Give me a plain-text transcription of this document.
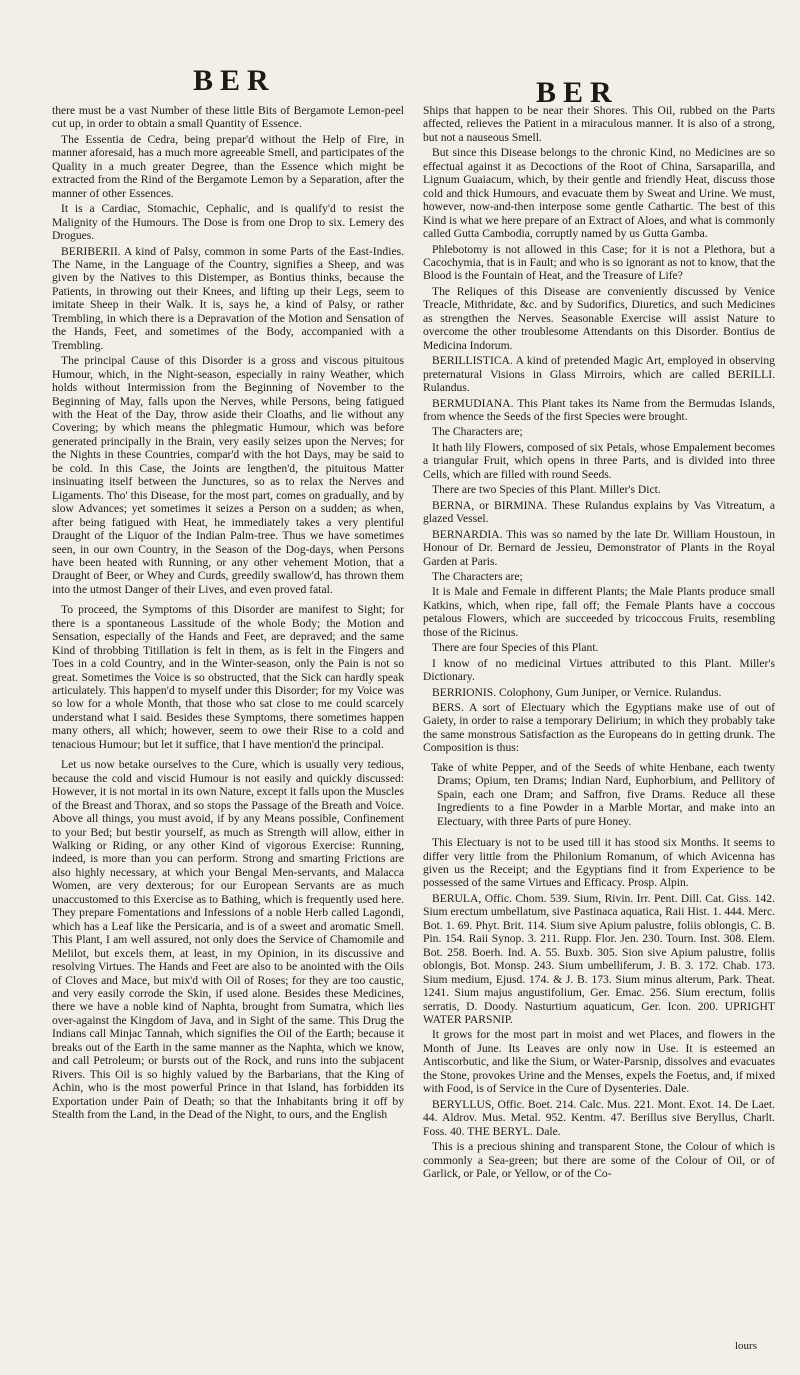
BER	BER

there must be a vast Number of these little Bits of Bergamote Lemon-peel cut up, in order to obtain a small Quantity of Essence.

The Essentia de Cedra, being prepar'd without the Help of Fire, in manner aforesaid, has a much more agreeable Smell, and participates of the Quality in a much greater Degree, than the Essence which might be extracted from the Rind of the Bergamote Lemon by a Separation, after the manner of other Essences.

It is a Cardiac, Stomachic, Cephalic, and is qualify'd to resist the Malignity of the Humours. The Dose is from one Drop to six. Lemery des Drogues.

BERIBERII. A kind of Palsy, common in some Parts of the East-Indies. The Name, in the Language of the Country, signifies a Sheep, and was given by the Natives to this Distemper, as Bontius thinks, because the Patients, in throwing out their Knees, and lifting up their Legs, seem to imitate Sheep in their Walk. It is, says he, a kind of Palsy, or rather Trembling, in which there is a Depravation of the Motion and Sensation of the Hands, Feet, and sometimes of the Body, accompanied with a Trembling.

The principal Cause of this Disorder is a gross and viscous pituitous Humour, which, in the Night-season, especially in rainy Weather, which holds without Intermission from the Beginning of November to the Beginning of May, falls upon the Nerves, while Persons, being fatigued with the Heat of the Day, throw aside their Cloaths, and lie without any Covering; by which means the phlegmatic Humour, which was before generated principally in the Brain, very easily seizes upon the Nerves; for the Nights in these Countries, compar'd with the hot Days, may be said to be cold. In this Case, the Joints are lengthen'd, the pituitous Matter insinuating itself between the Junctures, so as to relax the Nerves and Ligaments. Tho' this Disease, for the most part, comes on gradually, and by slow Advances; yet sometimes it seizes a Person on a sudden; as when, after being fatigued with Heat, he immediately takes a very plentiful Draught of the Liquor of the Indian Palm-tree. Thus we have sometimes seen, in our own Country, in the Season of the Dog-days, when Persons have been heated with Running, or any other vehement Motion, that a Draught of Beer, or Whey and Curds, greedily swallow'd, has thrown them into the utmost Danger of their Lives, and even proved fatal.

To proceed, the Symptoms of this Disorder are manifest to Sight; for there is a spontaneous Lassitude of the whole Body; the Motion and Sensation, especially of the Hands and Feet, are depraved; and the same Kind of throbbing Titillation is felt in them, as is felt in the Fingers and Toes in a cold Country, and in the Winter-season, only the Pain is not so great. Sometimes the Voice is so obstructed, that the Sick can hardly speak articulately. This happen'd to myself under this Disorder; for my Voice was so low for a whole Month, that those who sat close to me could scarcely understand what I said. Besides these Symptoms, there sometimes happen many others, all which; however, seem to owe their Rise to a cold and tenacious Humour; but let it suffice, that I have mention'd the principal.

Let us now betake ourselves to the Cure, which is usually very tedious, because the cold and viscid Humour is not easily and quickly discussed: However, it is not mortal in its own Nature, except it falls upon the Muscles of the Breast and Thorax, and so stops the Passage of the Breath and Voice. Above all things, you must avoid, if by any Means possible, Confinement to your Bed; but bestir yourself, as much as Strength will allow, either in Walking or Riding, or any other Kind of vigorous Exercise: Running, indeed, is more than you can perform. Strong and smarting Frictions are also highly necessary, at which your Bengal Men-servants, and Malacca Women, are very dexterous; for our European Servants are as much unaccustomed to this Exercise as to Bathing, which is frequently used here. They prepare Fomentations and Infessions of a noble Herb called Lagondi, which has a Leaf like the Persicaria, and is of a sweet and aromatic Smell. This Plant, I am well assured, not only does the Service of Chamomile and Melilot, but excels them, at least, in my Opinion, in its discussive and resolving Virtues. The Hands and Feet are also to be anointed with the Oils of Cloves and Mace, but mix'd with Oil of Roses; for they are too caustic, and very easily corrode the Skin, if used alone. Besides these Medicines, there we have a noble kind of Naphta, brought from Sumatra, which lies over-against the Kingdom of Java, and in Sight of the same. This Drug the Indians call Minjac Tannah, which signifies the Oil of the Earth; because it breaks out of the Earth in the same manner as the Naphta, which we know, and call Petroleum; or bursts out of the Rock, and runs into the subjacent Rivers. This Oil is so highly valued by the Barbarians, that the King of Achin, who is the most powerful Prince in that Island, has forbidden its Exportation under Pain of Death; so that the Inhabitants bring it off by Stealth from the Land, in the Dead of the Night, to ours, and the English

Ships that happen to be near their Shores. This Oil, rubbed on the Parts affected, relieves the Patient in a miraculous manner. It is also of a strong, but not a nauseous Smell.

But since this Disease belongs to the chronic Kind, no Medicines are so effectual against it as Decoctions of the Root of China, Sarsaparilla, and Lignum Guaiacum, which, by their gentle and friendly Heat, discuss those cold and thick Humours, and evacuate them by Sweat and Urine. We must, however, now-and-then interpose some gentle Cathartic. The best of this Kind is what we here prepare of an Extract of Aloes, and what is commonly called Gutta Cambodia, corruptly named by us Gutta Gamba.

Phlebotomy is not allowed in this Case; for it is not a Plethora, but a Cacochymia, that is in Fault; and who is so ignorant as not to know, that the Blood is the Fountain of Heat, and the Treasure of Life?

The Reliques of this Disease are conveniently discussed by Venice Treacle, Mithridate, &c. and by Sudorifics, Diuretics, and such Medicines as strengthen the Nerves. Seasonable Exercise will assist Nature to overcome the other troublesome Attendants on this Disorder. Bontius de Medicina Indorum.

BERILLISTICA. A kind of pretended Magic Art, employed in observing preternatural Visions in Glass Mirroirs, which are called BERILLI. Rulandus.

BERMUDIANA. This Plant takes its Name from the Bermudas Islands, from whence the Seeds of the first Species were brought.

The Characters are;

It hath lily Flowers, composed of six Petals, whose Empalement becomes a triangular Fruit, which opens in three Parts, and is divided into three Cells, which are filled with round Seeds.

There are two Species of this Plant. Miller's Dict.

BERNA, or BIRMINA. These Rulandus explains by Vas Vitreatum, a glazed Vessel.

BERNARDIA. This was so named by the late Dr. William Houstoun, in Honour of Dr. Bernard de Jessieu, Demonstrator of Plants in the Royal Garden at Paris.

The Characters are;

It is Male and Female in different Plants; the Male Plants produce small Katkins, which, when ripe, fall off; the Female Plants have a coccous petalous Flowers, which are succeeded by tricoccous Fruits, resembling those of the Ricinus.

There are four Species of this Plant.

I know of no medicinal Virtues attributed to this Plant. Miller's Dictionary.

BERRIONIS. Colophony, Gum Juniper, or Vernice. Rulandus.

BERS. A sort of Electuary which the Egyptians make use of out of Gaiety, in order to raise a temporary Delirium; in which they probably take the same monstrous Satisfaction as the Europeans do in getting drunk. The Composition is thus:

Take of white Pepper, and of the Seeds of white Henbane, each twenty Drams; Opium, ten Drams; Indian Nard, Euphorbium, and Pellitory of Spain, each one Dram; and Saffron, five Drams. Reduce all these Ingredients to a fine Powder in a Marble Mortar, and make into an Electuary, with three Parts of pure Honey.

This Electuary is not to be used till it has stood six Months. It seems to differ very little from the Philonium Romanum, of which Avicenna has given us the Receipt; and the Egyptians find it from Experience to be possessed of the same Virtues and Efficacy. Prosp. Alpin.

BERULA, Offic. Chom. 539. Sium, Rivin. Irr. Pent. Dill. Cat. Giss. 142. Sium erectum umbellatum, sive Pastinaca aquatica, Raii Hist. 1. 444. Merc. Bot. 1. 69. Phyt. Brit. 114. Sium sive Apium palustre, foliis oblongis, C. B. Pin. 154. Raii Synop. 3. 211. Rupp. Flor. Jen. 230. Tourn. Inst. 308. Elem. Bot. 258. Boerh. Ind. A. 55. Buxb. 305. Sion sive Apium palustre, foliis oblongis, Bot. Monsp. 243. Sium umbelliferum, J. B. 3. 172. Chab. 173. Sium medium, Ejusd. 174. & J. B. 173. Sium minus alterum, Park. Theat. 1241. Sium majus angustifolium, Ger. Emac. 256. Sium erectum, foliis serratis, D. Doody. Nasturtium aquaticum, Ger. Icon. 200. UPRIGHT WATER PARSNIP.

It grows for the most part in moist and wet Places, and flowers in the Month of June. Its Leaves are only now in Use. It is esteemed an Antiscorbutic, and like the Sium, or Water-Parsnip, dissolves and evacuates the Stone, provokes Urine and the Menses, expels the Foetus, and, if mixed with Food, is of Service in the Cure of Dysenteries. Dale.

BERYLLUS, Offic. Boet. 214. Calc. Mus. 221. Mont. Exot. 14. De Laet. 44. Aldrov. Mus. Metal. 952. Kentm. 47. Berillus sive Beryllus, Charlt. Foss. 40. THE BERYL. Dale.

This is a precious shining and transparent Stone, the Colour of which is commonly a Sea-green; but there are some of the Colour of Oil, or of Garlick, or Pale, or Yellow, or of the Co-

lours
